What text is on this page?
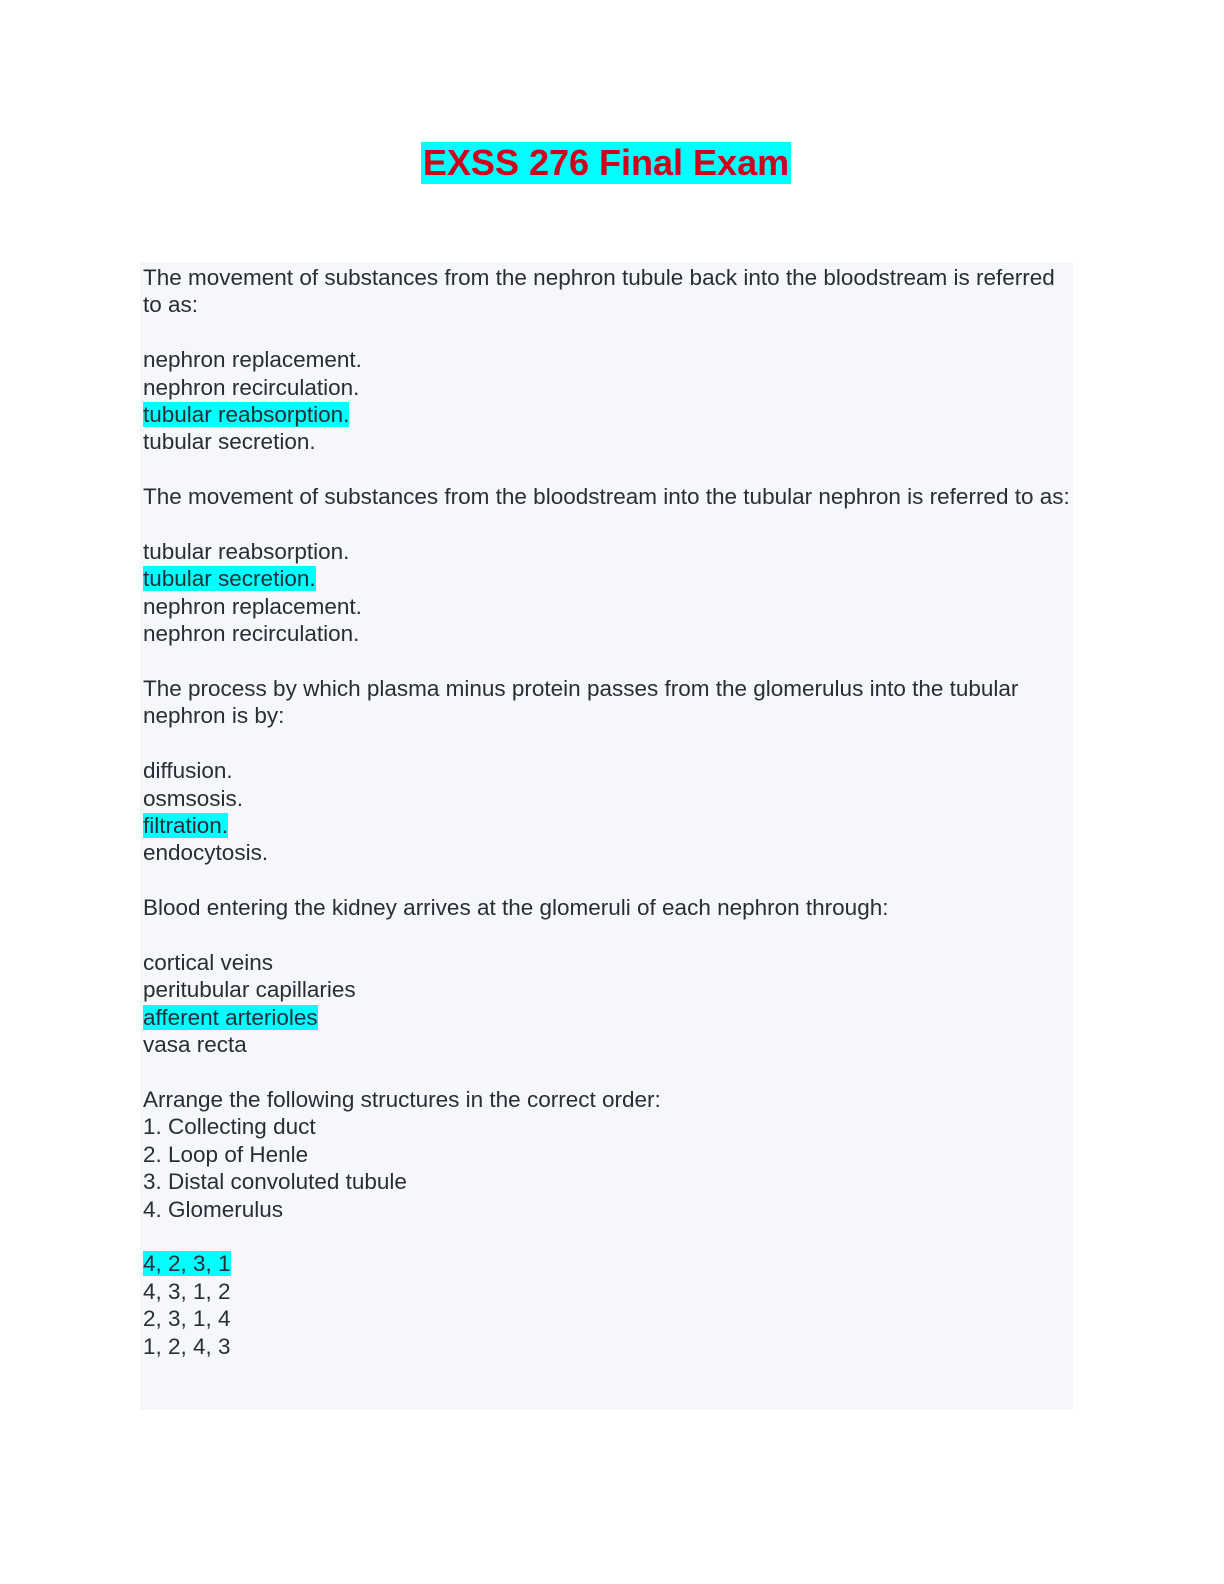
EXSS 276 Final Exam
The movement of substances from the nephron tubule back into the bloodstream is referred to as:
nephron replacement.
nephron recirculation.
tubular reabsorption.
tubular secretion.
The movement of substances from the bloodstream into the tubular nephron is referred to as:
tubular reabsorption.
tubular secretion.
nephron replacement.
nephron recirculation.
The process by which plasma minus protein passes from the glomerulus into the tubular nephron is by:
diffusion.
osmsosis.
filtration.
endocytosis.
Blood entering the kidney arrives at the glomeruli of each nephron through:
cortical veins
peritubular capillaries
afferent arterioles
vasa recta
Arrange the following structures in the correct order:
1. Collecting duct
2. Loop of Henle
3. Distal convoluted tubule
4. Glomerulus
4, 2, 3, 1
4, 3, 1, 2
2, 3, 1, 4
1, 2, 4, 3
